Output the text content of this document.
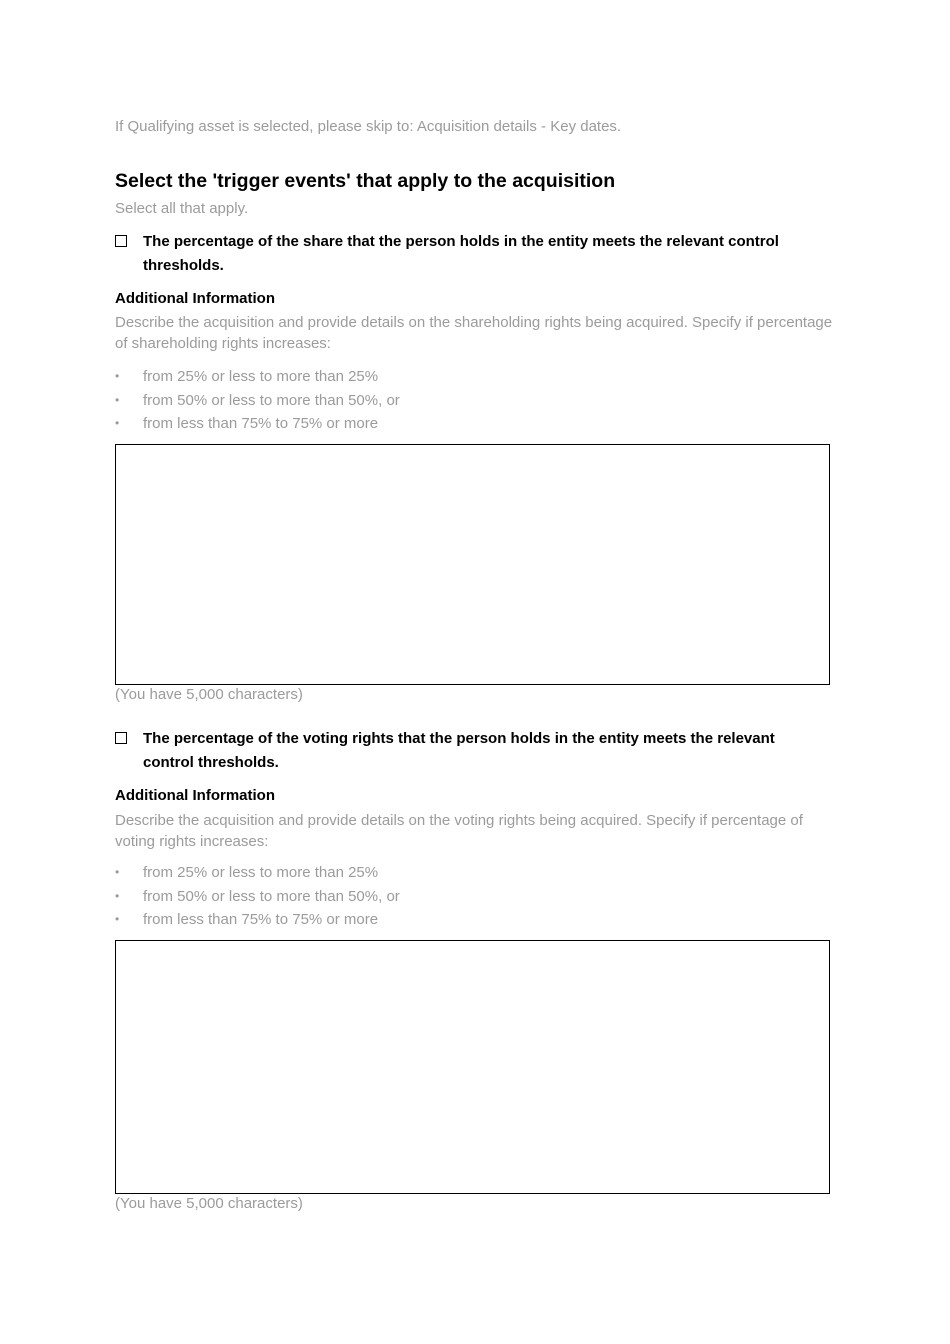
If Qualifying asset is selected, please skip to: Acquisition details - Key dates.
Select the 'trigger events' that apply to the acquisition
Select all that apply.
The percentage of the share that the person holds in the entity meets the relevant control thresholds.
Additional Information
Describe the acquisition and provide details on the shareholding rights being acquired. Specify if percentage of shareholding rights increases:
• from 25% or less to more than 25%
• from 50% or less to more than 50%, or
• from less than 75% to 75% or more
(You have 5,000 characters)
The percentage of the voting rights that the person holds in the entity meets the relevant control thresholds.
Additional Information
Describe the acquisition and provide details on the voting rights being acquired. Specify if percentage of voting rights increases:
• from 25% or less to more than 25%
• from 50% or less to more than 50%, or
• from less than 75% to 75% or more
(You have 5,000 characters)
